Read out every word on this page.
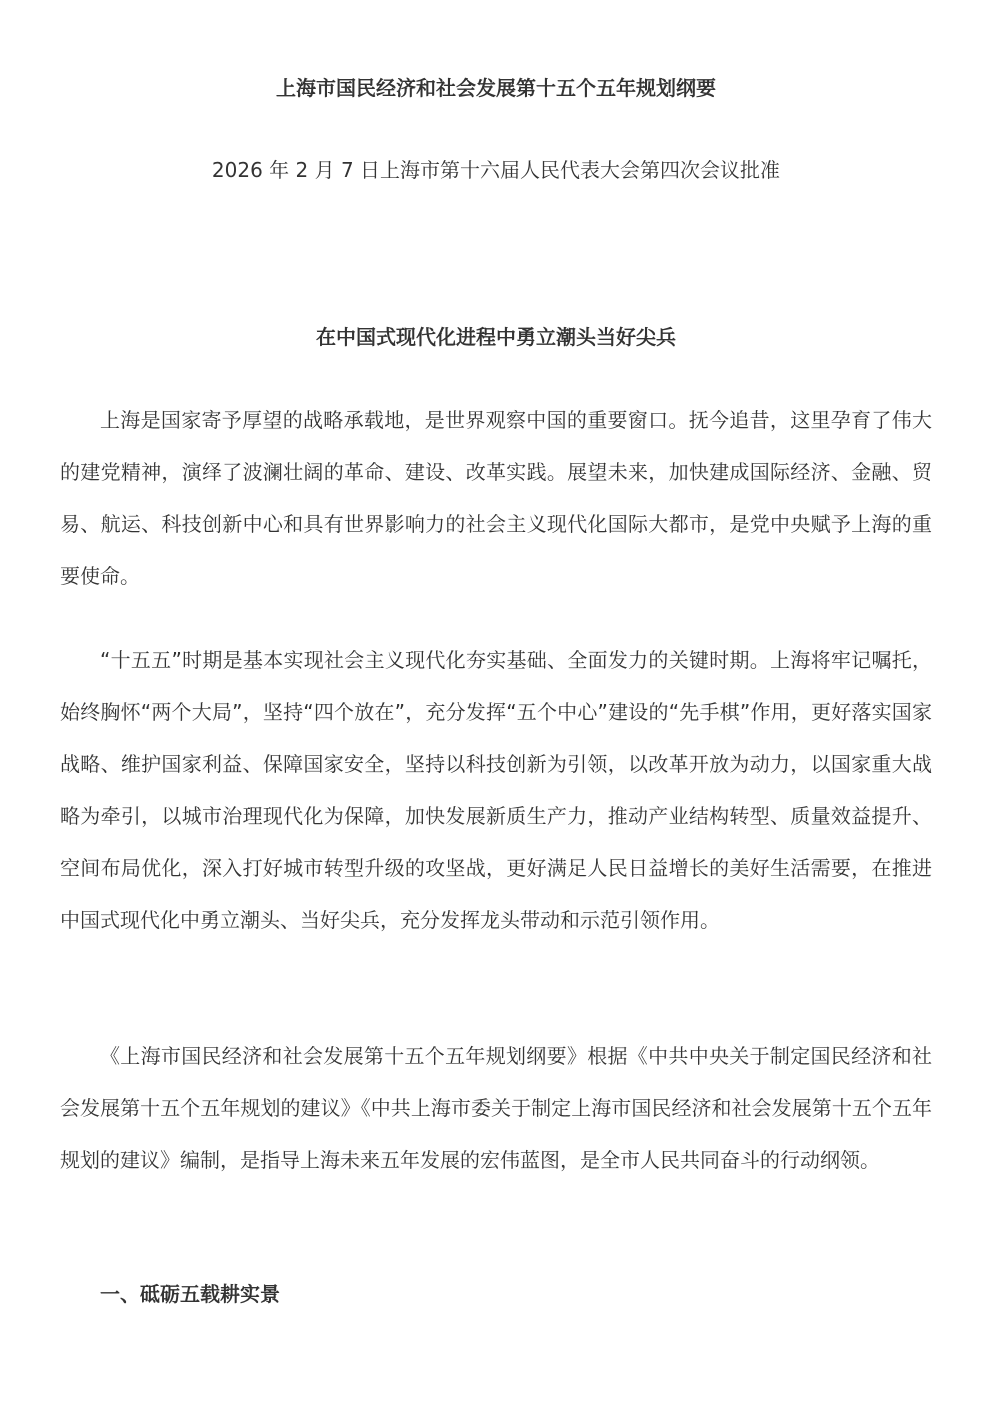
上海市国民经济和社会发展第十五个五年规划纲要

2026 年 2 月 7 日上海市第十六届人民代表大会第四次会议批准

在中国式现代化进程中勇立潮头当好尖兵

上海是国家寄予厚望的战略承载地，是世界观察中国的重要窗口。抚今追昔，这里孕育了伟大的建党精神，演绎了波澜壮阔的革命、建设、改革实践。展望未来，加快建成国际经济、金融、贸易、航运、科技创新中心和具有世界影响力的社会主义现代化国际大都市，是党中央赋予上海的重要使命。

“十五五”时期是基本实现社会主义现代化夯实基础、全面发力的关键时期。上海将牢记嘱托，始终胸怀“两个大局”，坚持“四个放在”，充分发挥“五个中心”建设的“先手棋”作用，更好落实国家战略、维护国家利益、保障国家安全，坚持以科技创新为引领，以改革开放为动力，以国家重大战略为牵引，以城市治理现代化为保障，加快发展新质生产力，推动产业结构转型、质量效益提升、空间布局优化，深入打好城市转型升级的攻坚战，更好满足人民日益增长的美好生活需要，在推进中国式现代化中勇立潮头、当好尖兵，充分发挥龙头带动和示范引领作用。

《上海市国民经济和社会发展第十五个五年规划纲要》根据《中共中央关于制定国民经济和社会发展第十五个五年规划的建议》《中共上海市委关于制定上海市国民经济和社会发展第十五个五年规划的建议》编制，是指导上海未来五年发展的宏伟蓝图，是全市人民共同奋斗的行动纲领。

一、砥砺五载耕实景
